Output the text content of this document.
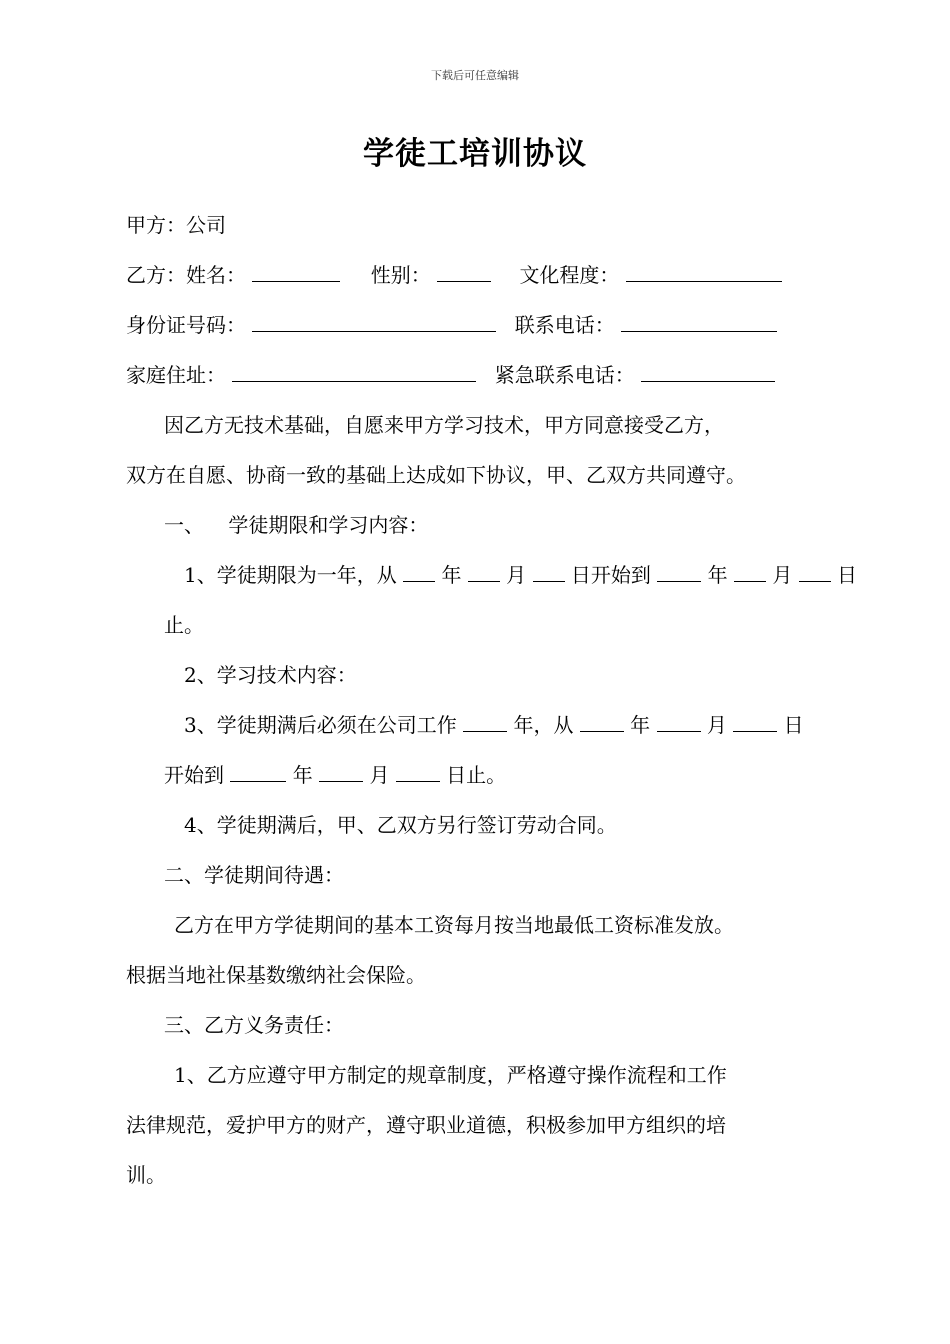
下载后可任意编辑
学徒工培训协议
甲方：公司
乙方：姓名：	性别：	文化程度：
身份证号码：	联系电话：
家庭住址：	紧急联系电话：
因乙方无技术基础，自愿来甲方学习技术，甲方同意接受乙方，
双方在自愿、协商一致的基础上达成如下协议，甲、乙双方共同遵守。
一、 学徒期限和学习内容：
1、学徒期限为一年，从 年 月 日开始到	年 月 日
止。
2、学习技术内容：
3、学徒期满后必须在公司工作	年，从	年	月	日
开始到	年	月	日止。
4、学徒期满后，甲、乙双方另行签订劳动合同。
二、学徒期间待遇：
乙方在甲方学徒期间的基本工资每月按当地最低工资标准发放。
根据当地社保基数缴纳社会保险。
三、乙方义务责任：
1、乙方应遵守甲方制定的规章制度，严格遵守操作流程和工作
法律规范，爱护甲方的财产，遵守职业道德，积极参加甲方组织的培
训。
